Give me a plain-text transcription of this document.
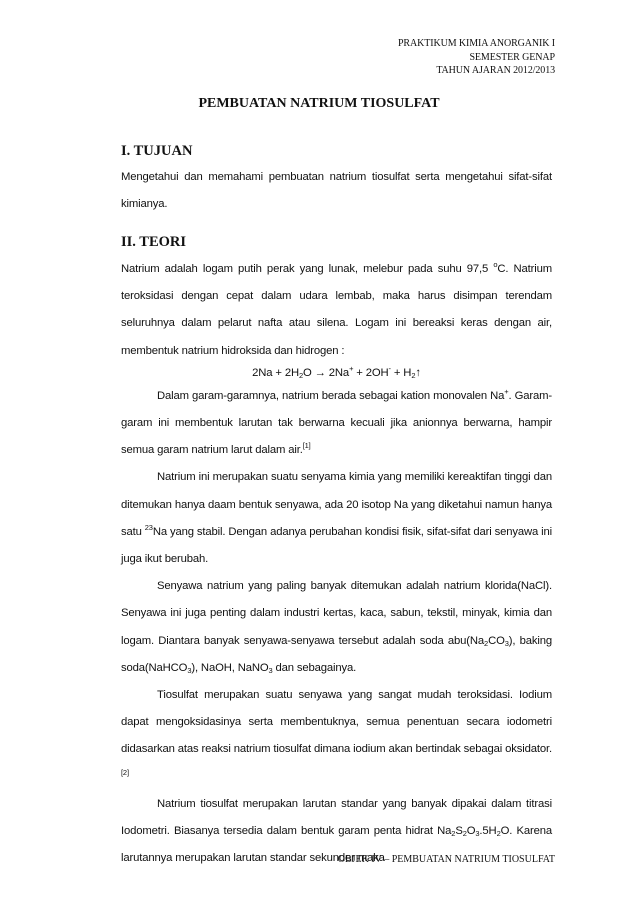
PRAKTIKUM KIMIA ANORGANIK I
SEMESTER GENAP
TAHUN AJARAN 2012/2013
PEMBUATAN NATRIUM TIOSULFAT
I. TUJUAN

Mengetahui dan memahami pembuatan natrium tiosulfat serta mengetahui sifat-sifat kimianya.

II. TEORI

Natrium adalah logam putih perak yang lunak, melebur pada suhu 97,5 $^o$C. Natrium teroksidasi dengan cepat dalam udara lembab, maka harus disimpan terendam seluruhnya dalam pelarut nafta atau silena. Logam ini bereaksi keras dengan air, membentuk natrium hidroksida dan hidrogen :

$2Na + 2H_2O \to 2Na^+ + 2OH^-$ + $H_2↑$

Dalam garam-garamnya, natrium berada sebagai kation monovalen Na+. Garam-garam ini membentuk larutan tak berwarna kecuali jika anionnya berwarna, hampir semua garam natrium larut dalam air.[1]

Natrium ini merupakan suatu senyama kimia yang memiliki kereaktifan tinggi dan ditemukan hanya daam bentuk senyawa, ada 20 isotop Na yang diketahui namun hanya satu $^{23}$Na yang stabil. Dengan adanya perubahan kondisi fisik, sifat-sifat dari senyawa ini juga ikut berubah.

Senyawa natrium yang paling banyak ditemukan adalah natrium klorida(NaCl). Senyawa ini juga penting dalam industri kertas, kaca, sabun, tekstil, minyak, kimia dan logam. Diantara banyak senyawa-senyawa tersebut adalah soda $abu(Na_2CO_3)$, baking soda(NaHCO$_3$), NaOH, NaNO$_3$ dan sebagainya.

Tiosulfat merupakan suatu senyawa yang sangat mudah teroksidasi. Iodium dapat mengoksidasinya serta membentuknya, semua penentuan secara iodometri didasarkan atas reaksi natrium tiosulfat dimana iodium akan bertindak sebagai oksidator.[2]

Natrium tiosulfat merupakan larutan standar yang banyak dipakai dalam titrasi Iodometri. Biasanya tersedia dalam bentuk garam penta hidrat $Na_2S_2O_3.5H_2O$. Karena larutannya merupakan larutan standar sekunder maka

OBJEK IV – PEMBUATAN NATRIUM TIOSULFAT
